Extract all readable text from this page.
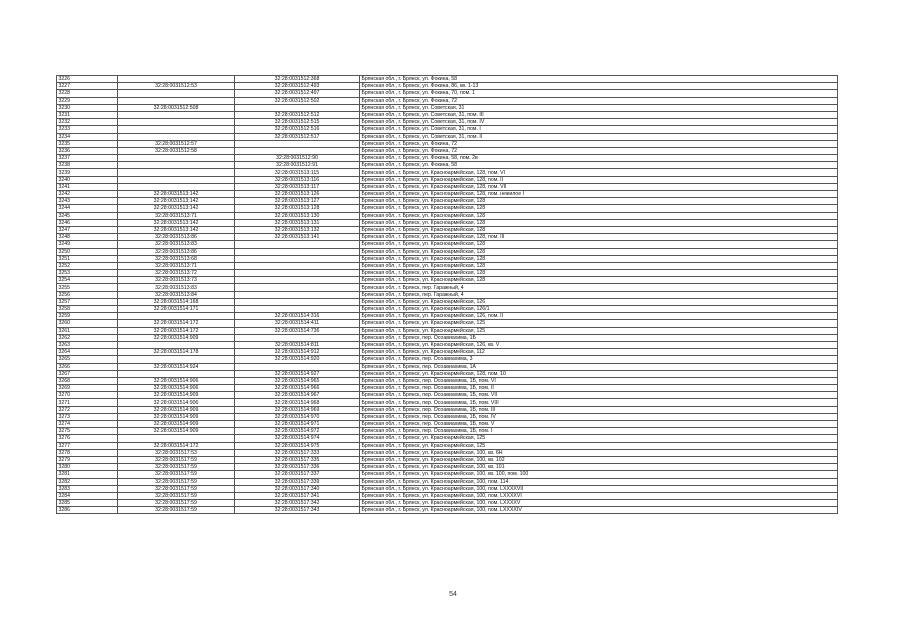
3226		32:28:0031512:368	Брянская обл., г. Брянск, ул. Фокина, 58
3227	32:28:0031512:53	32:28:0031512:493	Брянская обл., г. Брянск, ул. Фокина, 86, кв. 1-13
3228		32:28:0031512:497	Брянская обл., г. Брянск, ул. Фокина, 70, пом. 1
3229		32:28:0031512:502	Брянская обл., г. Брянск, ул. Фокина, 72
3230	32:28:0031512:508		Брянская обл., г. Брянск, ул. Советская, 31
3231		32:28:0031512:512	Брянская обл., г. Брянск, ул. Советская, 31, пом. III
3232		32:28:0031512:515	Брянская обл., г. Брянск, ул. Советская, 31, пом. IV
3233		32:28:0031512:516	Брянская обл., г. Брянск, ул. Советская, 31, пом. I
3234		32:28:0031512:517	Брянская обл., г. Брянск, ул. Советская, 31, пом. II
3235	32:28:0031512:57		Брянская обл., г. Брянск, ул. Фокина, 72
3236	32:28:0031512:58		Брянская обл., г. Брянск, ул. Фокина, 72
3237		32:28:0031512:90	Брянская обл., г. Брянск, ул. Фокина, 58, пом. 2в
3238		32:28:0031512:91	Брянская обл., г. Брянск, ул. Фокина, 58
3239		32:28:0031513:115	Брянская обл., г. Брянск, ул. Красноармейская, 128, пом. VI
3240		32:28:0031513:116	Брянская обл., г. Брянск, ул. Красноармейская, 128, пом. II
3241		32:28:0031513:117	Брянская обл., г. Брянск, ул. Красноармейская, 128, пом. VII
3242	32:28:0031513:142	32:28:0031513:126	Брянская обл., г. Брянск, ул. Красноармейская, 128, пом. нежилое I
3243	32:28:0031513:142	32:28:0031513:127	Брянская обл., г. Брянск, ул. Красноармейская, 128
3244	32:28:0031513:142	32:28:0031513:128	Брянская обл., г. Брянск, ул. Красноармейская, 128
3245	32:28:0031513:71	32:28:0031513:130	Брянская обл., г. Брянск, ул. Красноармейская, 128
3246	32:28:0031513:142	32:28:0031513:131	Брянская обл., г. Брянск, ул. Красноармейская, 128
3247	32:28:0031513:142	32:28:0031513:132	Брянская обл., г. Брянск, ул. Красноармейская, 128
3248	32:28:0031513:86	32:28:0031513:141	Брянская обл., г. Брянск, ул. Красноармейская, 128, пом. III
3249	32:28:0031513:83		Брянская обл., г. Брянск, ул. Красноармейская, 128
3250	32:28:0031513:86		Брянская обл., г. Брянск, ул. Красноармейская, 128
3251	32:28:0031513:68		Брянская обл., г. Брянск, ул. Красноармейская, 128
3252	32:28:0031513:71		Брянская обл., г. Брянск, ул. Красноармейская, 128
3253	32:28:0031513:72		Брянская обл., г. Брянск, ул. Красноармейская, 128
3254	32:28:0031513:73		Брянская обл., г. Брянск, ул. Красноармейская, 128
3255	32:28:0031513:83		Брянская обл., г. Брянск, пер. Гаражный, 4
3256	32:28:0031513:84		Брянская обл., г. Брянск, пер. Гаражный, 4
3257	32:28:0031514:168		Брянская обл., г. Брянск, ул. Красноармейская, 126
3258	32:28:0031514:171		Брянская обл., г. Брянск, ул. Красноармейская, 126/1
3259		32:28:0031514:316	Брянская обл., г. Брянск, ул. Красноармейская, 126, пом. II
3260	32:28:0031514:172	32:28:0031514:411	Брянская обл., г. Брянск, ул. Красноармейская, 125
3261	32:28:0031514:172	32:28:0031514:736	Брянская обл., г. Брянск, ул. Красноармейская, 125
3262	32:28:0031514:909		Брянская обл., г. Брянск, пер. Осоавиахима, 1Б
3263		32:28:0031514:811	Брянская обл., г. Брянск, ул. Красноармейская, 126, кв. V
3264	32:28:0031514:178	32:28:0031514:912	Брянская обл., г. Брянск, ул. Красноармейская, 112
3265		32:28:0031514:920	Брянская обл., г. Брянск, пер. Осоавиахима, 3
3266	32:28:0031514:924		Брянская обл., г. Брянск, пер. Осоавиахима, 1А
3267		32:28:0031514:927	Брянская обл., г. Брянск, ул. Красноармейская, 128, пом. 10
3268	32:28:0031514:906	32:28:0031514:965	Брянская обл., г. Брянск, пер. Осоавиахима, 1Б, пом. VI
3269	32:28:0031514:906	32:28:0031514:966	Брянская обл., г. Брянск, пер. Осоавиахима, 1Б, пом. II
3270	32:28:0031514:909	32:28:0031514:967	Брянская обл., г. Брянск, пер. Осоавиахима, 1Б, пом. VII
3271	32:28:0031514:906	32:28:0031514:968	Брянская обл., г. Брянск, пер. Осоавиахима, 1Б, пом. VIII
3272	32:28:0031514:909	32:28:0031514:969	Брянская обл., г. Брянск, пер. Осоавиахима, 1Б, пом. III
3273	32:28:0031514:909	32:28:0031514:970	Брянская обл., г. Брянск, пер. Осоавиахима, 1Б, пом. IV
3274	32:28:0031514:909	32:28:0031514:971	Брянская обл., г. Брянск, пер. Осоавиахима, 1Б, пом. V
3275	32:28:0031514:909	32:28:0031514:972	Брянская обл., г. Брянск, пер. Осоавиахима, 1Б, пом. I
3276		32:28:0031514:974	Брянская обл., г. Брянск, ул. Красноармейская, 125
3277	32:28:0031514:172	32:28:0031514:975	Брянская обл., г. Брянск, ул. Красноармейская, 125
3278	32:28:0031517:53	32:28:0031517:333	Брянская обл., г. Брянск, ул. Красноармейская, 100, кв. 6Н
3279	32:28:0031517:59	32:28:0031517:335	Брянская обл., г. Брянск, ул. Красноармейская, 100, кв. 102
3280	32:28:0031517:59	32:28:0031517:336	Брянская обл., г. Брянск, ул. Красноармейская, 100, кв. 101
3281	32:28:0031517:59	32:28:0031517:337	Брянская обл., г. Брянск, ул. Красноармейская, 100, кв. 100, пом. 100
3282	32:28:0031517:59	32:28:0031517:339	Брянская обл., г. Брянск, ул. Красноармейская, 100, пом. 114
3283	32:28:0031517:59	32:28:0031517:340	Брянская обл., г. Брянск, ул. Красноармейская, 100, пом. LXXXXVII
3284	32:28:0031517:59	32:28:0031517:341	Брянская обл., г. Брянск, ул. Красноармейская, 100, пом. LXXXXVI
3285	32:28:0031517:59	32:28:0031517:342	Брянская обл., г. Брянск, ул. Красноармейская, 100, пом. LXXXXV
3286	32:28:0031517:59	32:28:0031517:343	Брянская обл., г. Брянск, ул. Красноармейская, 100, пом. LXXXXIV
54
